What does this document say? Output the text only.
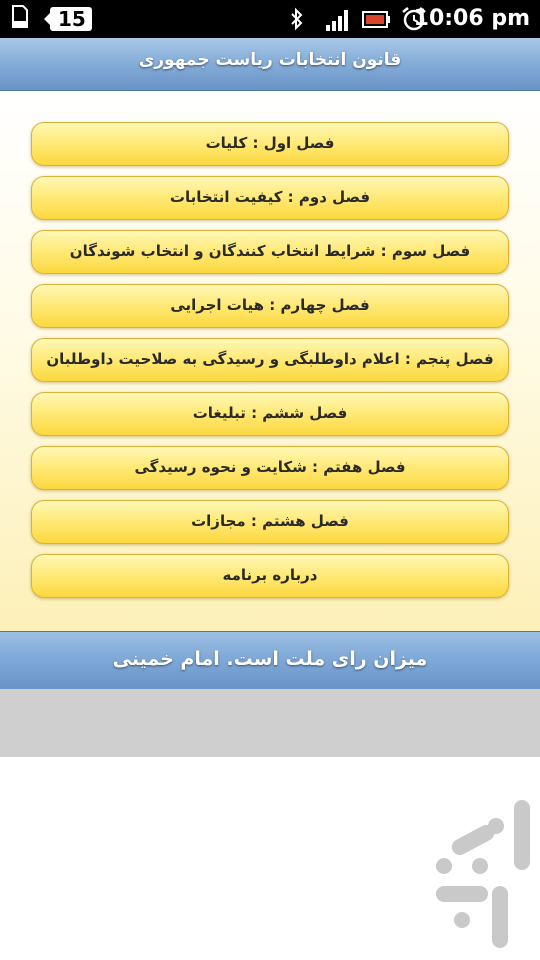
15	10:06 pm
قانون انتخابات ریاست جمهوری
فصل اول : کلیات
فصل دوم : کیفیت انتخابات
فصل سوم : شرایط انتخاب کنندگان و انتخاب شوندگان
فصل چهارم : هیات اجرایی
فصل پنجم : اعلام داوطلبگی و رسیدگی به صلاحیت داوطلبان
فصل ششم : تبلیغات
فصل هفتم : شکایت و نحوه رسیدگی
فصل هشتم : مجازات
درباره برنامه
میزان رای ملت است. امام خمینی
